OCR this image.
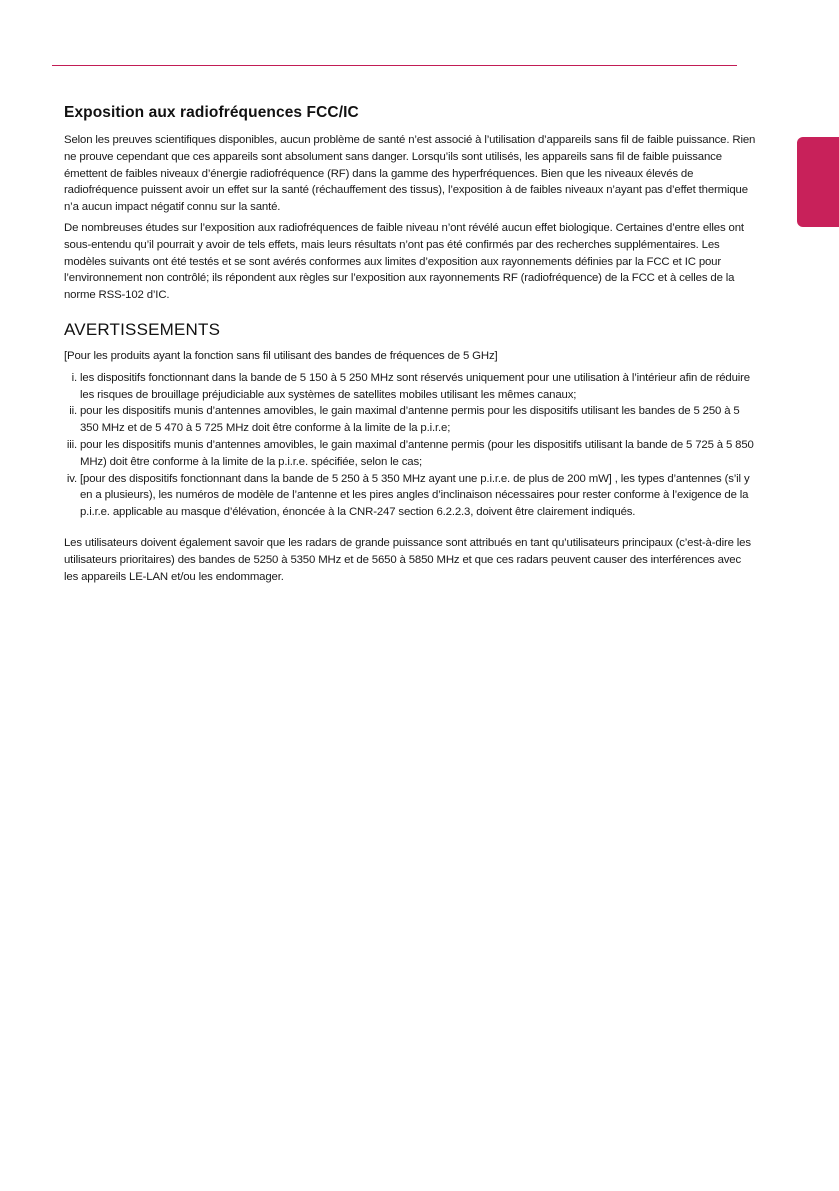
Exposition aux radiofréquences FCC/IC

Selon les preuves scientifiques disponibles, aucun problème de santé n’est associé à l’utilisation d’appareils sans fil de faible puissance. Rien ne prouve cependant que ces appareils sont absolument sans danger. Lorsqu’ils sont utilisés, les appareils sans fil de faible puissance émettent de faibles niveaux d’énergie radiofréquence (RF) dans la gamme des hyperfréquences. Bien que les niveaux élevés de radiofréquence puissent avoir un effet sur la santé (réchauffement des tissus), l’exposition à de faibles niveaux n’ayant pas d’effet thermique n’a aucun impact négatif connu sur la santé.

De nombreuses études sur l’exposition aux radiofréquences de faible niveau n’ont révélé aucun effet biologique. Certaines d’entre elles ont sous-entendu qu’il pourrait y avoir de tels effets, mais leurs résultats n’ont pas été confirmés par des recherches supplémentaires. Les modèles suivants ont été testés et se sont avérés conformes aux limites d’exposition aux rayonnements définies par la FCC et IC pour l’environnement non contrôlé; ils répondent aux règles sur l’exposition aux rayonnements RF (radiofréquence) de la FCC et à celles de la norme RSS-102 d’IC.

AVERTISSEMENTS

[Pour les produits ayant la fonction sans fil utilisant des bandes de fréquences de 5 GHz]

i. les dispositifs fonctionnant dans la bande de 5 150 à 5 250 MHz sont réservés uniquement pour une utilisation à l’intérieur afin de réduire les risques de brouillage préjudiciable aux systèmes de satellites mobiles utilisant les mêmes canaux;
ii. pour les dispositifs munis d’antennes amovibles, le gain maximal d’antenne permis pour les dispositifs utilisant les bandes de 5 250 à 5 350 MHz et de 5 470 à 5 725 MHz doit être conforme à la limite de la p.i.r.e;
iii. pour les dispositifs munis d’antennes amovibles, le gain maximal d’antenne permis (pour les dispositifs utilisant la bande de 5 725 à 5 850 MHz) doit être conforme à la limite de la p.i.r.e. spécifiée, selon le cas;
iv. [pour des dispositifs fonctionnant dans la bande de 5 250 à 5 350 MHz ayant une p.i.r.e. de plus de 200 mW] , les types d’antennes (s’il y en a plusieurs), les numéros de modèle de l’antenne et les pires angles d’inclinaison nécessaires pour rester conforme à l’exigence de la p.i.r.e. applicable au masque d’élévation, énoncée à la CNR-247 section 6.2.2.3, doivent être clairement indiqués.

Les utilisateurs doivent également savoir que les radars de grande puissance sont attribués en tant qu’utilisateurs principaux (c’est-à-dire les utilisateurs prioritaires) des bandes de 5250 à 5350 MHz et de 5650 à 5850 MHz et que ces radars peuvent causer des interférences avec les appareils LE-LAN et/ou les endommager.
